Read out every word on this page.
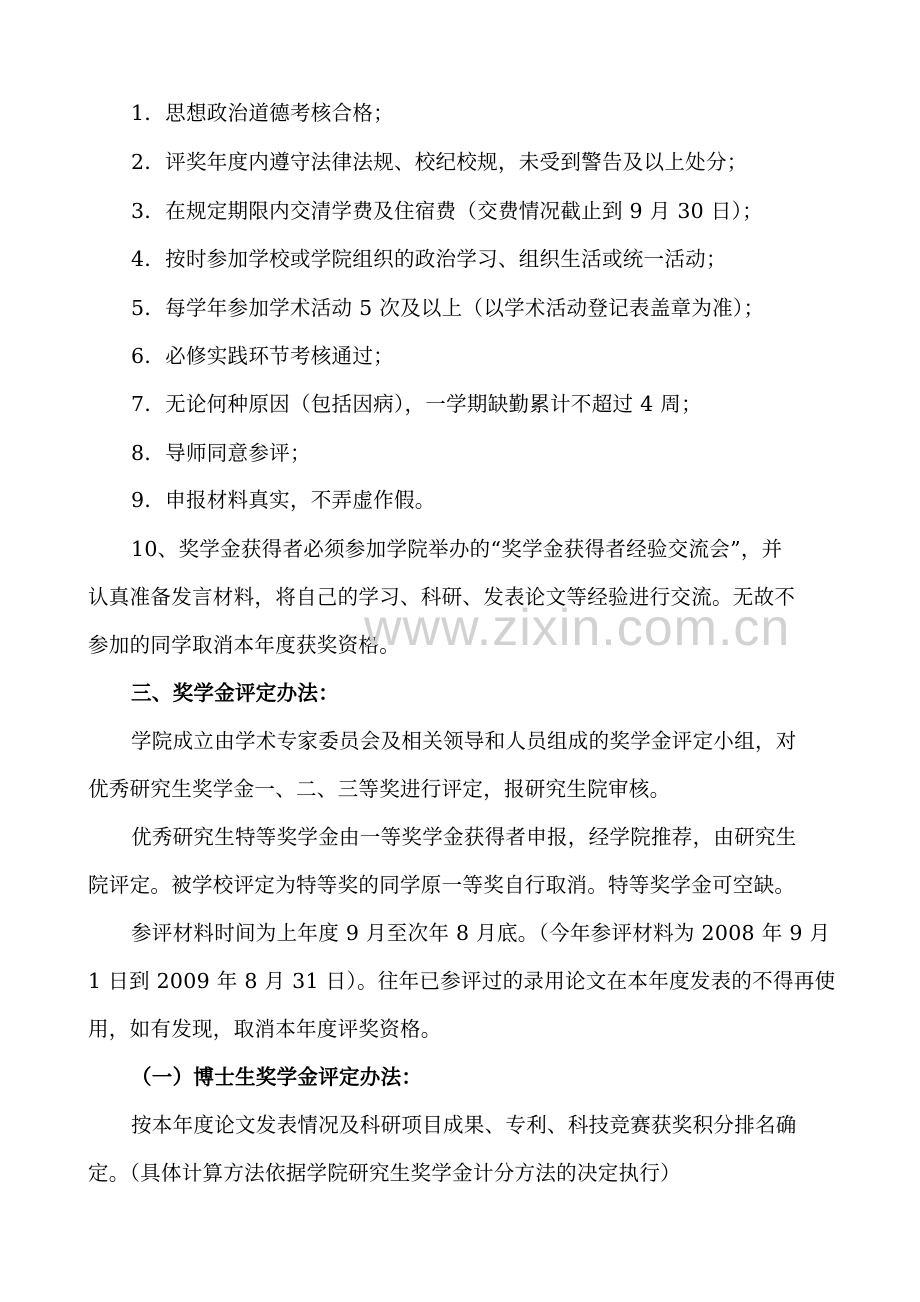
1．思想政治道德考核合格；
2．评奖年度内遵守法律法规、校纪校规，未受到警告及以上处分；
3．在规定期限内交清学费及住宿费（交费情况截止到 9 月 30 日）；
4．按时参加学校或学院组织的政治学习、组织生活或统一活动；
5．每学年参加学术活动 5 次及以上（以学术活动登记表盖章为准）；
6．必修实践环节考核通过；
7．无论何种原因（包括因病），一学期缺勤累计不超过 4 周；
8．导师同意参评；
9．申报材料真实，不弄虚作假。
10、奖学金获得者必须参加学院举办的“奖学金获得者经验交流会”，并
认真准备发言材料，将自己的学习、科研、发表论文等经验进行交流。无故不
参加的同学取消本年度获奖资格。
三、奖学金评定办法：
学院成立由学术专家委员会及相关领导和人员组成的奖学金评定小组，对
优秀研究生奖学金一、二、三等奖进行评定，报研究生院审核。
优秀研究生特等奖学金由一等奖学金获得者申报，经学院推荐，由研究生
院评定。被学校评定为特等奖的同学原一等奖自行取消。特等奖学金可空缺。
参评材料时间为上年度 9 月至次年 8 月底。（今年参评材料为 2008 年 9 月
1 日到 2009 年 8 月 31 日）。往年已参评过的录用论文在本年度发表的不得再使
用，如有发现，取消本年度评奖资格。
（一）博士生奖学金评定办法：
按本年度论文发表情况及科研项目成果、专利、科技竞赛获奖积分排名确
定。（具体计算方法依据学院研究生奖学金计分方法的决定执行）
www.zixin.com.cn
